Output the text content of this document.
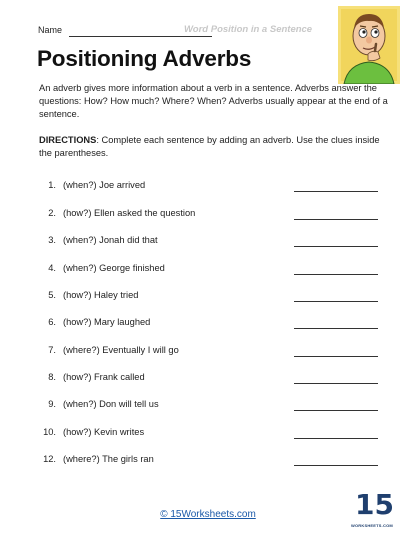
Name	Word Position in a Sentence
Positioning Adverbs

An adverb gives more information about a verb in a sentence. Adverbs answer the questions: How? How much? Where? When? Adverbs usually appear at the end of a sentence.

DIRECTIONS: Complete each sentence by adding an adverb. Use the clues inside the parentheses.

1. (when?) Joe arrived
2. (how?) Ellen asked the question
3. (when?) Jonah did that
4. (when?) George finished
5. (how?) Haley tried
6. (how?) Mary laughed
7. (where?) Eventually I will go
8. (how?) Frank called
9. (when?) Don will tell us
10. (how?) Kevin writes
12. (where?) The girls ran
© 15Worksheets.com	15
WORKSHEETS.COM
